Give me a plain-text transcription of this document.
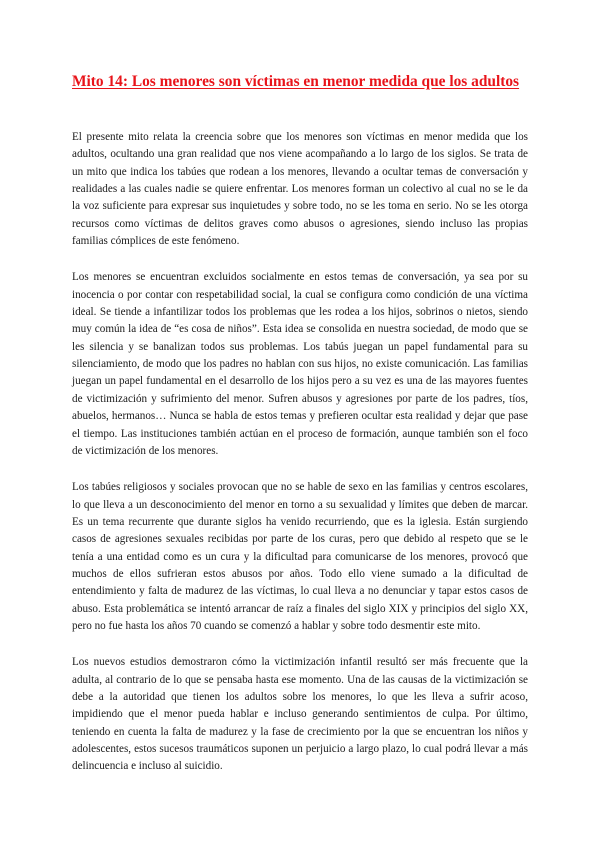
Mito 14: Los menores son víctimas en menor medida que los adultos

El presente mito relata la creencia sobre que los menores son víctimas en menor medida que los adultos, ocultando una gran realidad que nos viene acompañando a lo largo de los siglos. Se trata de un mito que indica los tabúes que rodean a los menores, llevando a ocultar temas de conversación y realidades a las cuales nadie se quiere enfrentar. Los menores forman un colectivo al cual no se le da la voz suficiente para expresar sus inquietudes y sobre todo, no se les toma en serio. No se les otorga recursos como víctimas de delitos graves como abusos o agresiones, siendo incluso las propias familias cómplices de este fenómeno.

Los menores se encuentran excluidos socialmente en estos temas de conversación, ya sea por su inocencia o por contar con respetabilidad social, la cual se configura como condición de una víctima ideal. Se tiende a infantilizar todos los problemas que les rodea a los hijos, sobrinos o nietos, siendo muy común la idea de “es cosa de niños”. Esta idea se consolida en nuestra sociedad, de modo que se les silencia y se banalizan todos sus problemas. Los tabús juegan un papel fundamental para su silenciamiento, de modo que los padres no hablan con sus hijos, no existe comunicación. Las familias juegan un papel fundamental en el desarrollo de los hijos pero a su vez es una de las mayores fuentes de victimización y sufrimiento del menor. Sufren abusos y agresiones por parte de los padres, tíos, abuelos, hermanos… Nunca se habla de estos temas y prefieren ocultar esta realidad y dejar que pase el tiempo. Las instituciones también actúan en el proceso de formación, aunque también son el foco de victimización de los menores.

Los tabúes religiosos y sociales provocan que no se hable de sexo en las familias y centros escolares, lo que lleva a un desconocimiento del menor en torno a su sexualidad y límites que deben de marcar. Es un tema recurrente que durante siglos ha venido recurriendo, que es la iglesia. Están surgiendo casos de agresiones sexuales recibidas por parte de los curas, pero que debido al respeto que se le tenía a una entidad como es un cura y la dificultad para comunicarse de los menores, provocó que muchos de ellos sufrieran estos abusos por años. Todo ello viene sumado a la dificultad de entendimiento y falta de madurez de las víctimas, lo cual lleva a no denunciar y tapar estos casos de abuso. Esta problemática se intentó arrancar de raíz a finales del siglo XIX y principios del siglo XX, pero no fue hasta los años 70 cuando se comenzó a hablar y sobre todo desmentir este mito.

Los nuevos estudios demostraron cómo la victimización infantil resultó ser más frecuente que la adulta, al contrario de lo que se pensaba hasta ese momento. Una de las causas de la victimización se debe a la autoridad que tienen los adultos sobre los menores, lo que les lleva a sufrir acoso, impidiendo que el menor pueda hablar e incluso generando sentimientos de culpa. Por último, teniendo en cuenta la falta de madurez y la fase de crecimiento por la que se encuentran los niños y adolescentes, estos sucesos traumáticos suponen un perjuicio a largo plazo, lo cual podrá llevar a más delincuencia e incluso al suicidio.
